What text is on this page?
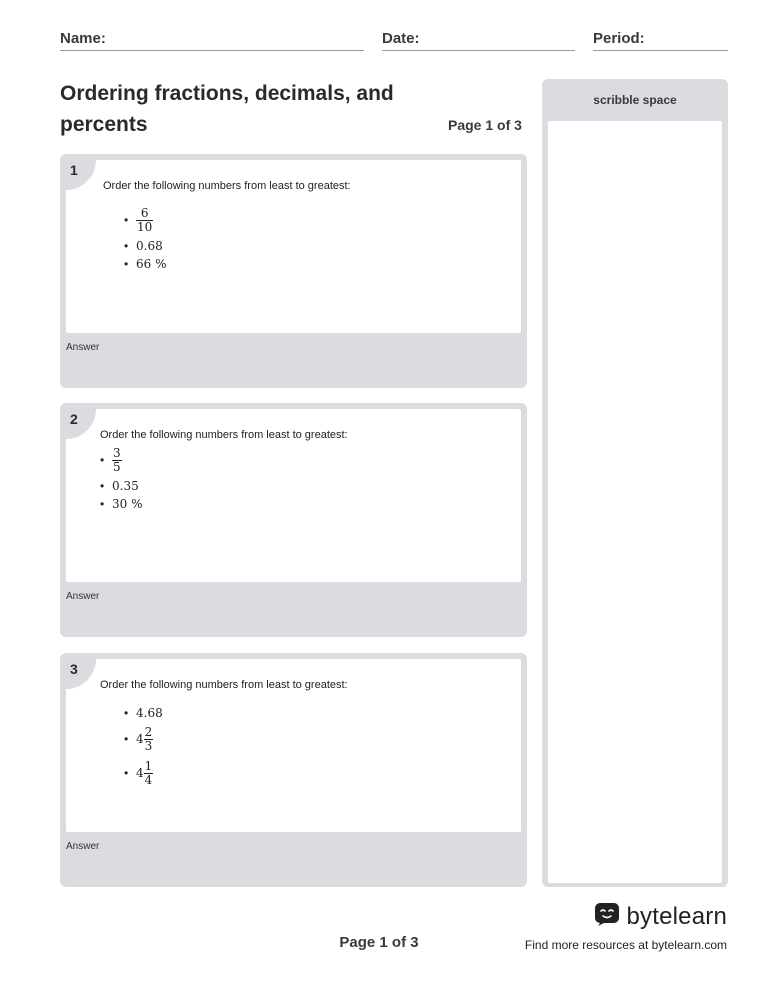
Name:	Date:	Period:
Ordering fractions, decimals, and percents	Page 1 of 3
1
Order the following numbers from least to greatest:
• $\frac{6}{10}$
• 0.68
• 66 %
Answer
2
Order the following numbers from least to greatest:
• $\frac{3}{5}$
• 0.35
• 30 %
Answer
3
Order the following numbers from least to greatest:
• 4.68
• $4 \frac{2}{3}$
• $4 \frac{1}{4}$
Answer
scribble space
Page 1 of 3
bytelearn
Find more resources at bytelearn.com
